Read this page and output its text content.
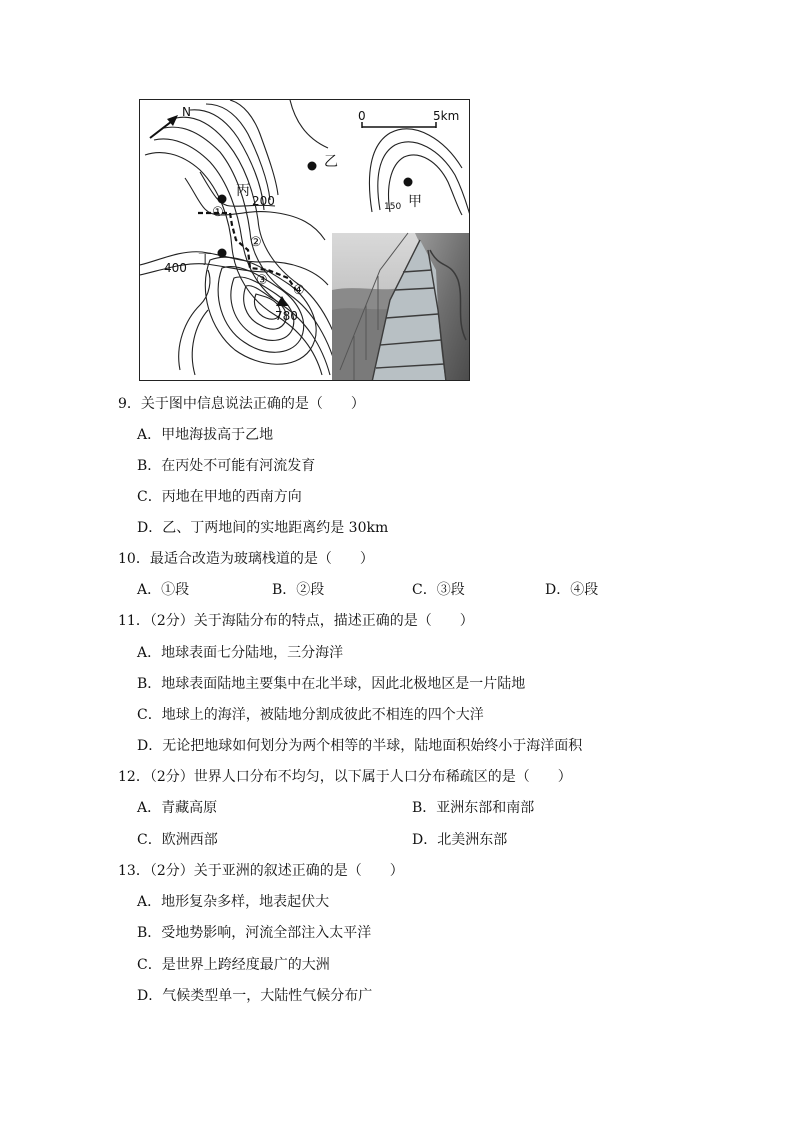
N	0	5km
乙
甲
丙
丁
200	150
400
780
①
②
③
④
9．关于图中信息说法正确的是（　　）
A．甲地海拔高于乙地
B．在丙处不可能有河流发育
C．丙地在甲地的西南方向
D．乙、丁两地间的实地距离约是 30km
10．最适合改造为玻璃栈道的是（　　）
A．①段	B．②段	C．③段	D．④段
11．（2分）关于海陆分布的特点，描述正确的是（　　）
A．地球表面七分陆地，三分海洋
B．地球表面陆地主要集中在北半球，因此北极地区是一片陆地
C．地球上的海洋，被陆地分割成彼此不相连的四个大洋
D．无论把地球如何划分为两个相等的半球，陆地面积始终小于海洋面积
12．（2分）世界人口分布不均匀，以下属于人口分布稀疏区的是（　　）
A．青藏高原	B．亚洲东部和南部
C．欧洲西部	D．北美洲东部
13．（2分）关于亚洲的叙述正确的是（　　）
A．地形复杂多样，地表起伏大
B．受地势影响，河流全部注入太平洋
C．是世界上跨经度最广的大洲
D．气候类型单一，大陆性气候分布广
